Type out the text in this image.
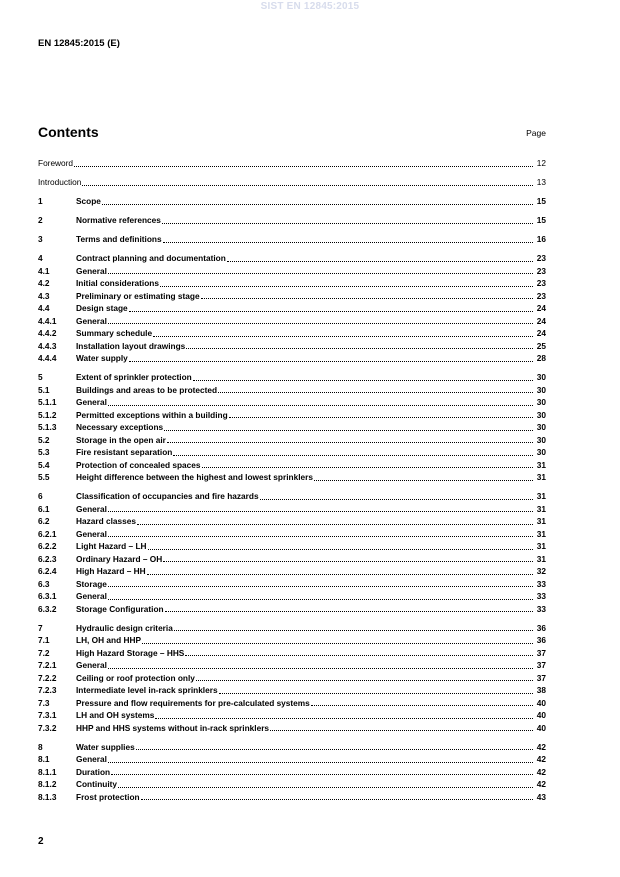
SIST EN 12845:2015
EN 12845:2015 (E)
Contents	Page
Foreword	12
Introduction	13
1	Scope	15
2	Normative references	15
3	Terms and definitions	16
4	Contract planning and documentation	23
4.1	General	23
4.2	Initial considerations	23
4.3	Preliminary or estimating stage	23
4.4	Design stage	24
4.4.1	General	24
4.4.2	Summary schedule	24
4.4.3	Installation layout drawings	25
4.4.4	Water supply	28
5	Extent of sprinkler protection	30
5.1	Buildings and areas to be protected	30
5.1.1	General	30
5.1.2	Permitted exceptions within a building	30
5.1.3	Necessary exceptions	30
5.2	Storage in the open air	30
5.3	Fire resistant separation	30
5.4	Protection of concealed spaces	31
5.5	Height difference between the highest and lowest sprinklers	31
6	Classification of occupancies and fire hazards	31
6.1	General	31
6.2	Hazard classes	31
6.2.1	General	31
6.2.2	Light Hazard – LH	31
6.2.3	Ordinary Hazard – OH	31
6.2.4	High Hazard – HH	32
6.3	Storage	33
6.3.1	General	33
6.3.2	Storage Configuration	33
7	Hydraulic design criteria	36
7.1	LH, OH and HHP	36
7.2	High Hazard Storage – HHS	37
7.2.1	General	37
7.2.2	Ceiling or roof protection only	37
7.2.3	Intermediate level in-rack sprinklers	38
7.3	Pressure and flow requirements for pre-calculated systems	40
7.3.1	LH and OH systems	40
7.3.2	HHP and HHS systems without in-rack sprinklers	40
8	Water supplies	42
8.1	General	42
8.1.1	Duration	42
8.1.2	Continuity	42
8.1.3	Frost protection	43
2
